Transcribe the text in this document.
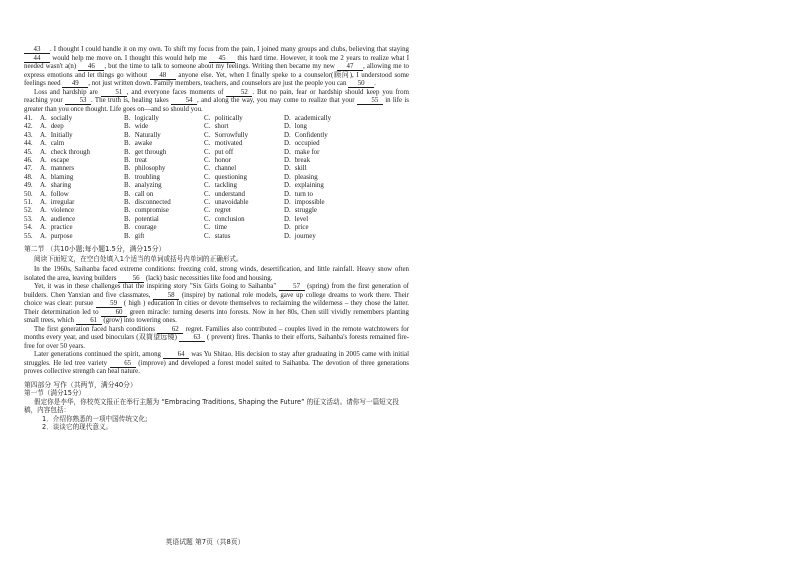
43 . I thought I could handle it on my own. To shift my focus from the pain, I joined many groups and clubs, believing that staying 44 would help me move on. I thought this would help me 45 this hard time. However, it took me 2 years to realize what I needed wasn't a(n) 46 , but the time to talk to someone about my feelings. Writing then became my new 47 , allowing me to express emotions and let things go without 48 anyone else. Yet, when I finally speke to a counselor(顾问), I understood some feelings need 49 , not just written down. Family members, teachers, and counselors are just the people you can 50 .

Loss and hardship are	51 , and everyone faces moments of	52 . But no pain, fear or hardship should keep you from reaching your 53 . The truth is, healing takes 54 , and along the way, you may come to realize that your 55 in life is greater than you once thought. Life goes on—and so should you.

41. A. socially	B. logically	C. politically	D. academically
42. A. deep	B. wide	C. short	D. long
43. A. Initially	B. Naturally	C. Sorrowfully	D. Confidently
44. A. calm	B. awake	C. motivated	D. occupied
45. A. check through	B. get through	C. put off	D. make for
46. A. escape	B. treat	C. honor	D. break
47. A. manners	B. philosophy	C. channel	D. skill
48. A. blaming	B. troubling	C. questioning	D. pleasing
49. A. sharing	B. analyzing	C. tackling	D. explaining
50. A. follow	B. call on	C. understand	D. turn to
51. A. irregular	B. disconnected	C. unavoidable	D. impossible
52. A. violence	B. compromise	C. regret	D. struggle
53. A. audience	B. potential	C. conclusion	D. level
54. A. practice	B. courage	C. time	D. price
55. A. purpose	B. gift	C. status	D. journey
第二节 （共10小题;每小题1.5分，满分15分）
阅读下面短文，在空白处填入1个适当的单词或括号内单词的正确形式。

In the 1960s, Saihanba faced extreme conditions: freezing cold, strong winds, desertification, and little rainfall. Heavy snow often isolated the area, leaving builders 56 (lack) basic necessities like food and housing.

Yet, it was in these challenges that the inspiring story "Six Girls Going to Saihanba" 57 (spring) from the first generation of builders. Chen Yanxian and five classmates,	58 (inspire) by national role models, gave up college dreams to work there. Their choice was clear: pursue 59 ( high ) education in cities or devote themselves to reclaiming the wilderness – they chose the latter. Their determination led to 60 green miracle: turning deserts into forests. Now in her 80s, Chen still vividly remembers planting small trees, which 61 (grow) into towering ones.

The first generation faced harsh conditions 62 regret. Families also contributed – couples lived in the remote watchtowers for months every year, and used binoculars (双筒望远镜) 63 ( prevent) fires. Thanks to their efforts, Saihanba's forests remained fire-free for over 50 years.

Later generations continued the spirit, among 64 was Yu Shitao. His decision to stay after graduating in 2005 came with initial struggles. He led tree variety 65 (improve) and developed a forest model suited to Saihanba. The devotion of three generations proves collective strength can heal nature.

第四部分 写作（共两节，满分40分）
第一节（满分15分）
假定你是李华，你校英文报正在举行主题为 “Embracing Traditions, Shaping the Future” 的征文活动。请你写一篇短文投稿，内容包括：
1．介绍你熟悉的一项中国传统文化;
2．谈谈它的现代意义。
英语试题 第7页（共8页）
